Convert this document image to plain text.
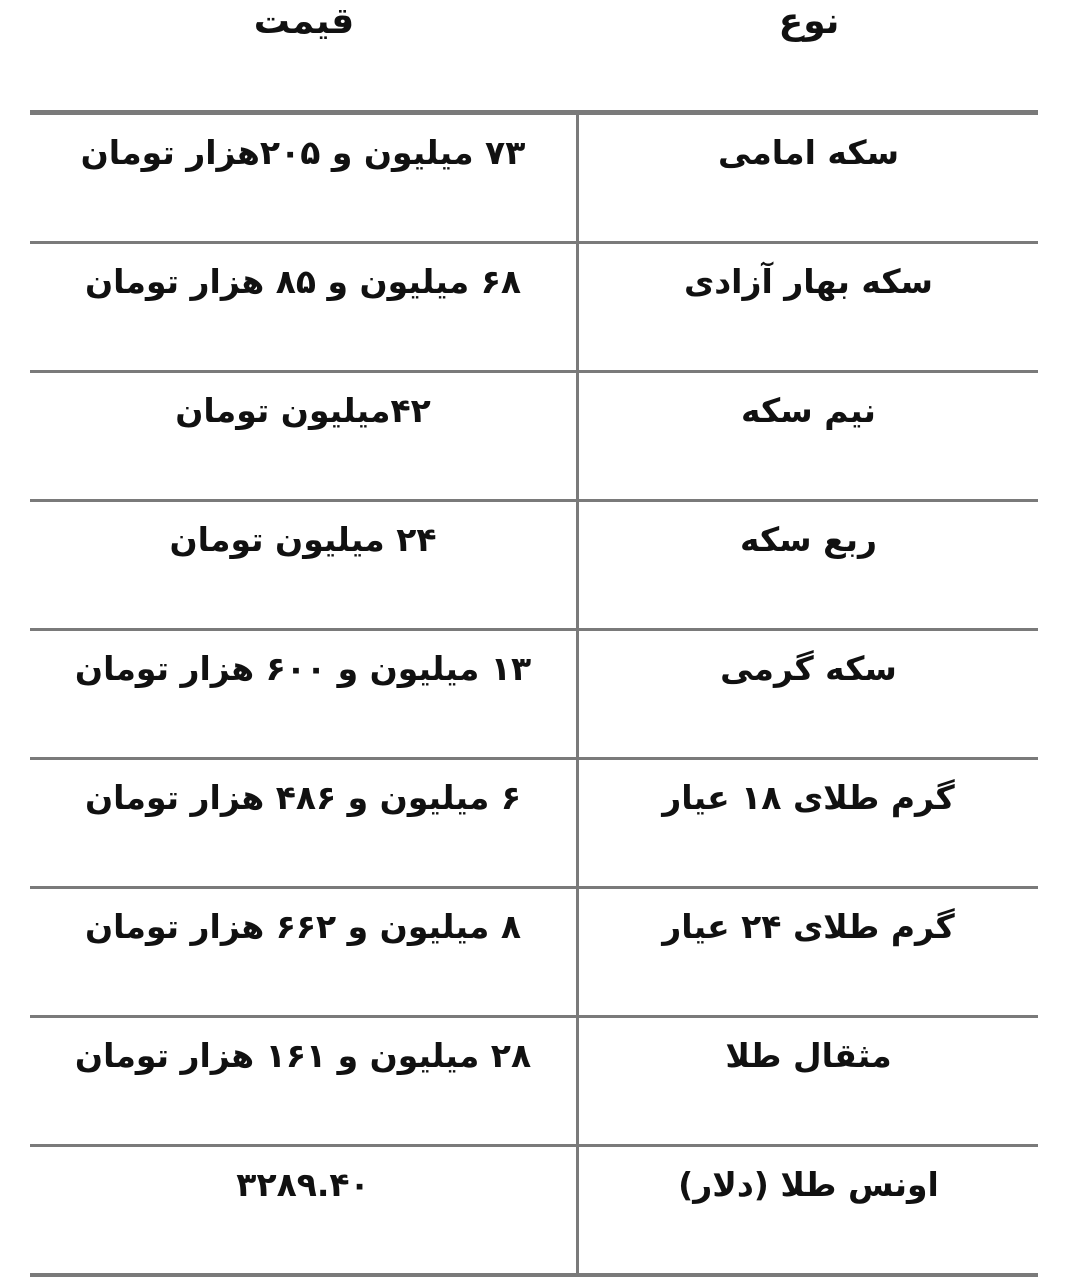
نوع
قیمت
سکه امامی
۷۳ میلیون و ۲۰۵هزار تومان
سکه بهار آزادی
۶۸ میلیون و ۸۵ هزار تومان
نیم سکه
۴۲میلیون تومان
ربع سکه
۲۴ میلیون تومان
سکه گرمی
۱۳ میلیون و ۶۰۰ هزار تومان
گرم طلای ۱۸ عیار
۶ میلیون و ۴۸۶ هزار تومان
گرم طلای ۲۴ عیار
۸ میلیون و ۶۶۲ هزار تومان
مثقال طلا
۲۸ میلیون و ۱۶۱ هزار تومان
اونس طلا (دلار)
۳۲۸۹.۴۰
